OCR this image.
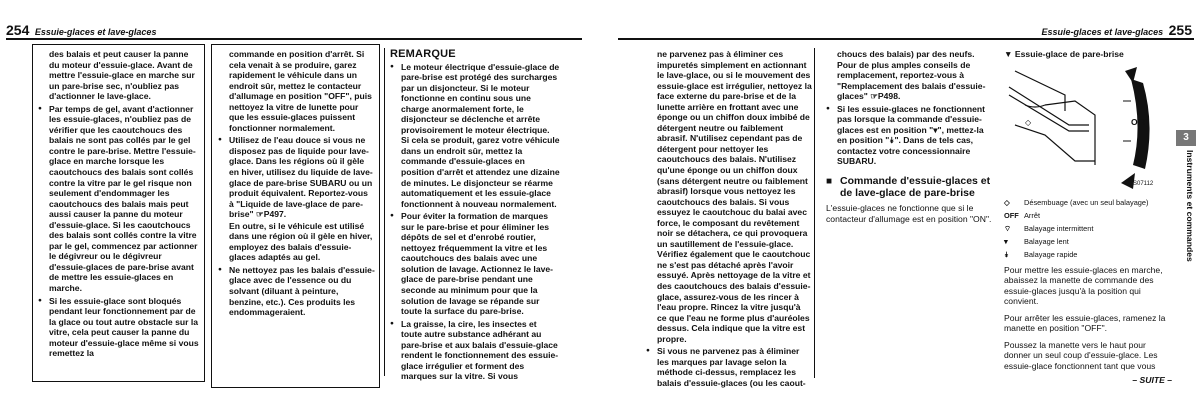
254 Essuie-glaces et lave-glaces	Essuie-glaces et lave-glaces 255

des balais et peut causer la panne du moteur d'essuie-glace. Avant de mettre l'essuie-glace en marche sur un pare-brise sec, n'oubliez pas d'actionner le lave-glace.

● Par temps de gel, avant d'actionner les essuie-glaces, n'oubliez pas de vérifier que les caoutchoucs des balais ne sont pas collés par le gel contre le pare-brise. Mettre l'essuie-glace en marche lorsque les caoutchoucs des balais sont collés contre la vitre par le gel risque non seulement d'endommager les caoutchoucs des balais mais peut aussi causer la panne du moteur d'essuie-glace. Si les caoutchoucs des balais sont collés contre la vitre par le gel, commencez par actionner le dégivreur ou le dégivreur d'essuie-glaces de pare-brise avant de mettre les essuie-glaces en marche.
● Si les essuie-glace sont bloqués pendant leur fonctionnement par de la glace ou tout autre obstacle sur la vitre, cela peut causer la panne du moteur d'essuie-glace même si vous remettez la

commande en position d'arrêt. Si cela venait à se produire, garez rapidement le véhicule dans un endroit sûr, mettez le contacteur d'allumage en position "OFF", puis nettoyez la vitre de lunette pour que les essuie-glaces puissent fonctionner normalement.

● Utilisez de l'eau douce si vous ne disposez pas de liquide pour lave-glace. Dans les régions où il gèle en hiver, utilisez du liquide de lave-glace de pare-brise SUBARU ou un produit équivalent. Reportez-vous à "Liquide de lave-glace de pare-brise" ☞P497.

En outre, si le véhicule est utilisé dans une région où il gèle en hiver, employez des balais d'essuie-glaces adaptés au gel.

● Ne nettoyez pas les balais d'essuie-glace avec de l'essence ou du solvant (diluant à peinture, benzine, etc.). Ces produits les endommageraient.
REMARQUE
● Le moteur électrique d'essuie-glace de pare-brise est protégé des surcharges par un disjoncteur. Si le moteur fonctionne en continu sous une charge anormalement forte, le disjoncteur se déclenche et arrête provisoirement le moteur électrique. Si cela se produit, garez votre véhicule dans un endroit sûr, mettez la commande d'essuie-glaces en position d'arrêt et attendez une dizaine de minutes. Le disjoncteur se réarme automatiquement et les essuie-glace fonctionnent à nouveau normalement.
● Pour éviter la formation de marques sur le pare-brise et pour éliminer les dépôts de sel et d'enrobé routier, nettoyez fréquemment la vitre et les caoutchoucs des balais avec une solution de lavage. Actionnez le lave-glace de pare-brise pendant une seconde au minimum pour que la solution de lavage se répande sur toute la surface du pare-brise.
● La graisse, la cire, les insectes et toute autre substance adhérant au pare-brise et aux balais d'essuie-glace rendent le fonctionnement des essuie-glace irrégulier et forment des marques sur la vitre. Si vous

ne parvenez pas à éliminer ces impuretés simplement en actionnant le lave-glace, ou si le mouvement des essuie-glace est irrégulier, nettoyez la face externe du pare-brise et de la lunette arrière en frottant avec une éponge ou un chiffon doux imbibé de détergent neutre ou faiblement abrasif. N'utilisez cependant pas de détergent pour nettoyer les caoutchoucs des balais. N'utilisez qu'une éponge ou un chiffon doux (sans détergent neutre ou faiblement abrasif) lorsque vous nettoyez les caoutchoucs des balais. Si vous essuyez le caoutchouc du balai avec force, le composant du revêtement noir se détachera, ce qui provoquera un sautillement de l'essuie-glace. Vérifiez également que le caoutchouc ne s'est pas détaché après l'avoir essuyé. Après nettoyage de la vitre et des caoutchoucs des balais d'essuie-glace, assurez-vous de les rincer à l'eau propre. Rincez la vitre jusqu'à ce que l'eau ne forme plus d'auréoles dessus. Cela indique que la vitre est propre.

● Si vous ne parvenez pas à éliminer les marques par lavage selon la méthode ci-dessus, remplacez les balais d'essuie-glaces (ou les caout-

choucs des balais) par des neufs. Pour de plus amples conseils de remplacement, reportez-vous à "Remplacement des balais d'essuie-glaces" ☞P498.

● Si les essuie-glaces ne fonctionnent pas lorsque la commande d'essuie-glaces est en position "▾", mettez-la en position "⯯". Dans de tels cas, contactez votre concessionnaire SUBARU.
■ Commande d'essuie-glaces et de lave-glace de pare-brise

L'essuie-glaces ne fonctionne que si le contacteur d'allumage est en position "ON".

▼ Essuie-glace de pare-brise
◇	OFF
S07112
◇	Désembuage (avec un seul balayage)
OFF Arrêt
⌔	Balayage intermittent
▾	Balayage lent
⯯	Balayage rapide

Pour mettre les essuie-glaces en marche, abaissez la manette de commande des essuie-glaces jusqu'à la position qui convient.

Pour arrêter les essuie-glaces, ramenez la manette en position "OFF".

Poussez la manette vers le haut pour donner un seul coup d'essuie-glace. Les essuie-glace fonctionnent tant que vous

– SUITE –

3
Instruments et commandes
